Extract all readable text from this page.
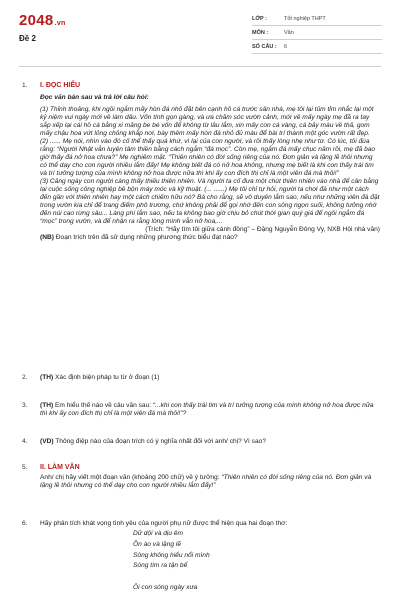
2048.vn
Đề 2
LỚP :	Tốt nghiệp THPT
MÔN :	Văn
SỐ CÂU : 6
1. I. ĐỌC HIỂU
Đọc văn bản sau và trả lời câu hỏi:

(1) Thỉnh thoảng, khi ngồi ngắm mấy hòn đá nhỏ đặt bên cạnh hồ cá trước sân nhà, mẹ tôi lại tủm tỉm nhắc lại một kỷ niệm vui ngày mới về làm dâu. Vốn tính gọn gàng, và ưa chăm sóc vườn cảnh, mới về mấy ngày mẹ đã ra tay sắp xếp lại cái hồ cá bằng xi măng be bé vốn để không từ lâu lắm, xin mấy con cá vàng, cá bảy màu về thả, gom mấy chậu hoa vứt lỏng chỏng khắp nơi, bày thêm mấy hòn đá nhỏ đủ màu để bài trí thành một góc vườn rất đẹp.

(2) ...... Mẹ nói, nhìn vào đó cố thể thấy quá khứ, vì lại của con người, và rồi thấy lòng nhẹ như tơ. Có lúc, tôi đùa rằng: “Người Nhật vẫn luyện tâm thiền bằng cách ngắm “đá mọc”. Còn mẹ, ngắm đá mấy chục năm rồi, mẹ đã bao giờ thấy đá nở hoa chưa?” Mẹ nghiêm mặt. “Thiên nhiên có đời sống riêng của nó. Đơn giản và lặng lẽ thôi nhưng có thể dạy cho con người nhiều lắm đấy! Mẹ không biết đá có nở hoa không, nhưng mẹ biết là khi con thấy trái tim và trí tưởng tượng của mình không nở hoa được nữa thì khi ấy con đích thị chỉ là một viên đá mà thôi!”

(3) Cảng ngày con người càng thấy thiếu thiên nhiên. Và người ta cố đưa một chút thiên nhiên vào nhà để cân bằng lại cuộc sống công nghiệp bề bộn máy móc và kỹ thuật. (... ......) Mẹ tôi chỉ tự hỏi, người ta chơi đá như một cách đến gần với thiên nhiên hay một cách chiếm hữu nó? Bà cho rằng, sẽ vô duyên lắm sao, nếu như những viên đá đặt trong vườn kia chỉ để trang điểm phô trương, chứ không phải để gọi nhớ đến con sông ngọn suối, không tưởng nhớ đến núi cao rừng sâu... Làng phí lắm sao, nếu ta không bao giờ chịu bỏ chút thời gian quý giá để ngồi ngắm đá “mọc” trong vườn, và để nhận ra rằng lòng mình vẫn nở hoa,...

(Trích: “Hãy tìm tôi giữa cánh đồng” – Đặng Nguyễn Đông Vy, NXB Hội nhà văn)

(NB) Đoạn trích trên đã sử dụng những phương thức biểu đạt nào?
2. (TH) Xác định biện pháp tu từ ở đoạn (1)
3. (TH) Em hiểu thế nào về câu văn sau: “...khi con thấy trái tim và trí tưởng tượng của mình không nở hoa được nữa thì khi ấy con đích thị chỉ là một viên đá mà thôi!”?
4. (VD) Thông điệp nào của đoạn trích có ý nghĩa nhất đối với anh/ chị? Vì sao?
5. II. LÀM VĂN
Anh/ chị hãy viết một đoạn văn (khoảng 200 chữ) về ý tưởng: “Thiên nhiên có đời sống riêng của nó. Đơn giản và lặng lẽ thôi nhưng có thể dạy cho con người nhiều lắm đấy!”
6. Hãy phân tích khát vọng tình yêu của người phụ nữ được thể hiện qua hai đoạn thơ:
Dữ dội và dịu êm
Ồn ào và lặng lẽ
Sông không hiểu nổi mình
Sóng tìm ra tận bể
Ôi con sóng ngày xưa
